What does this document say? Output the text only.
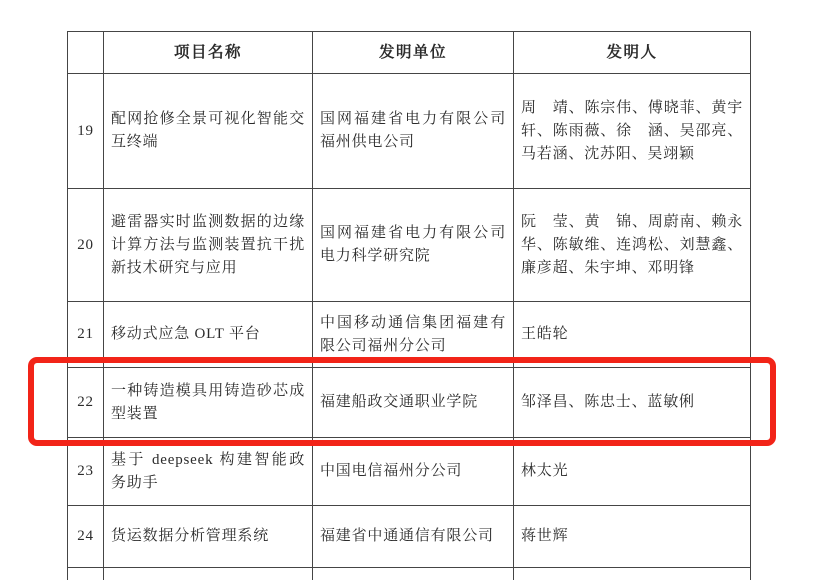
	项目名称	发明单位	发明人
19	配网抢修全景可视化智能交互终端	国网福建省电力有限公司福州供电公司	周　靖、陈宗伟、傅晓菲、黄宇轩、陈雨薇、徐　涵、吴邵亮、马若涵、沈苏阳、吴翊颖
20	避雷器实时监测数据的边缘计算方法与监测装置抗干扰新技术研究与应用	国网福建省电力有限公司电力科学研究院	阮　莹、黄　锦、周蔚南、赖永华、陈敏维、连鸿松、刘慧鑫、廉彦超、朱宇坤、邓明锋
21	移动式应急 OLT 平台	中国移动通信集团福建有限公司福州分公司	王皓轮
22	一种铸造模具用铸造砂芯成型装置	福建船政交通职业学院	邹泽昌、陈忠士、蓝敏俐
23	基于 deepseek 构建智能政务助手	中国电信福州分公司	林太光
24	货运数据分析管理系统	福建省中通通信有限公司	蒋世辉
